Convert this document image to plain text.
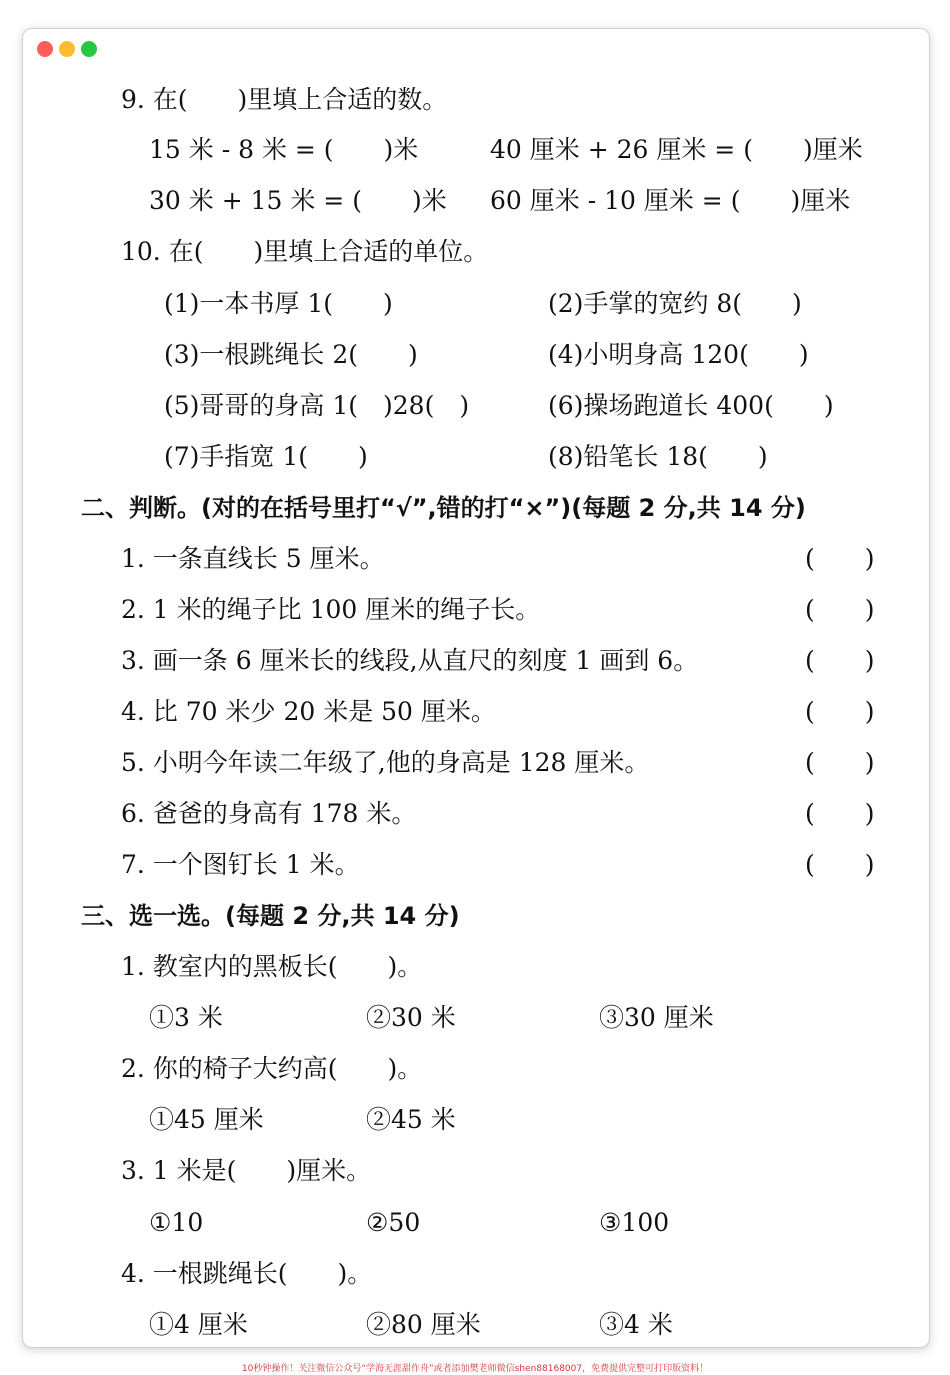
9. 在(　　)里填上合适的数。
15 米 - 8 米 = (　　)米	40 厘米 + 26 厘米 = (　　)厘米
30 米 + 15 米 = (　　)米 60 厘米 - 10 厘米 = (　　)厘米
10. 在(　　)里填上合适的单位。
(1)一本书厚 1(　　)	(2)手掌的宽约 8(　　)
(3)一根跳绳长 2(　　)	(4)小明身高 120(　　)
(5)哥哥的身高 1(　)28(　)	(6)操场跑道长 400(　　)
(7)手指宽 1(　　)	(8)铅笔长 18(　　)
二、判断。(对的在括号里打“√”,错的打“×”)(每题 2 分,共 14 分)
1. 一条直线长 5 厘米。	(　　)
2. 1 米的绳子比 100 厘米的绳子长。	(　　)
3. 画一条 6 厘米长的线段,从直尺的刻度 1 画到 6。	(　　)
4. 比 70 米少 20 米是 50 厘米。	(　　)
5. 小明今年读二年级了,他的身高是 128 厘米。	(　　)
6. 爸爸的身高有 178 米。	(　　)
7. 一个图钉长 1 米。	(　　)
三、选一选。(每题 2 分,共 14 分)
1. 教室内的黑板长(　　)。
①3 米	②30 米	③30 厘米
2. 你的椅子大约高(　　)。
①45 厘米	②45 米
3. 1 米是(　　)厘米。
①10	②50	③100
4. 一根跳绳长(　　)。
①4 厘米	②80 厘米	③4 米
10秒钟操作！关注微信公众号“学海无涯甜作舟”或者添加樊老师微信shen88168007，免费提供完整可打印版资料！
